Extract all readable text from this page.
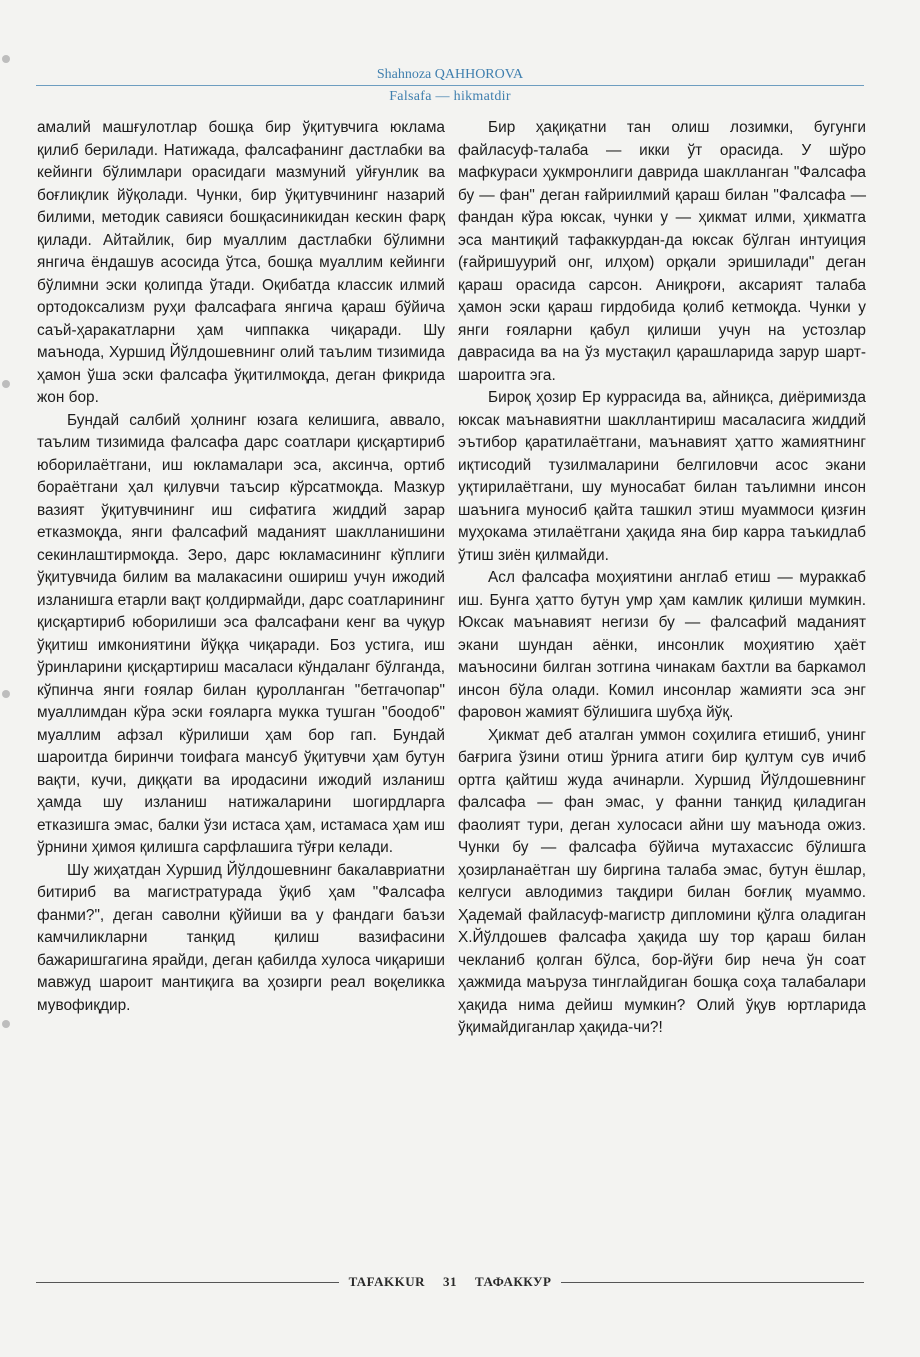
Shahnoza QAHHOROVA
Falsafa — hikmatdir

амалий машғулотлар бошқа бир ўқитувчига юклама қилиб берилади. Натижада, фалсафанинг дастлабки ва кейинги бўлимлари орасидаги мазмуний уйғунлик ва боғлиқлик йўқолади. Чунки, бир ўқитувчининг назарий билими, методик савияси бошқасиникидан кескин фарқ қилади. Айтайлик, бир муаллим дастлабки бўлимни янгича ёндашув асосида ўтса, бошқа муаллим кейинги бўлимни эски қолипда ўтади. Оқибатда классик илмий ортодоксализм руҳи фалсафага янгича қараш бўйича саъй-ҳаракатларни ҳам чиппакка чиқаради. Шу маънода, Хуршид Йўлдошевнинг олий таълим тизимида ҳамон ўша эски фалсафа ўқитилмоқда, деган фикрида жон бор.

Бундай салбий ҳолнинг юзага келишига, аввало, таълим тизимида фалсафа дарс соатлари қисқартириб юборилаётгани, иш юкламалари эса, аксинча, ортиб бораётгани ҳал қилувчи таъсир кўрсатмоқда. Мазкур вазият ўқитувчининг иш сифатига жиддий зарар етказмоқда, янги фалсафий маданият шаклланишини секинлаштирмоқда. Зеро, дарс юкламасининг кўплиги ўқитувчида билим ва малакасини ошириш учун ижодий изланишга етарли вақт қолдирмайди, дарс соатларининг қисқартириб юборилиши эса фалсафани кенг ва чуқур ўқитиш имкониятини йўққа чиқаради. Боз устига, иш ўринларини қисқартириш масаласи кўндаланг бўлганда, кўпинча янги ғоялар билан қуролланган "бетгачопар" муаллимдан кўра эски ғояларга мукка тушган "боодоб" муаллим афзал кўрилиши ҳам бор гап. Бундай шароитда биринчи тоифага мансуб ўқитувчи ҳам бутун вақти, кучи, диққати ва иродасини ижодий изланиш ҳамда шу изланиш натижаларини шогирдларга етказишга эмас, балки ўзи истаса ҳам, истамаса ҳам иш ўрнини ҳимоя қилишга сарфлашига тўғри келади.

Шу жиҳатдан Хуршид Йўлдошевнинг бакалавриатни битириб ва магистратурада ўқиб ҳам "Фалсафа фанми?", деган саволни қўйиши ва у фандаги баъзи камчиликларни танқид қилиш вазифасини бажаришгагина ярайди, деган қабилда хулоса чиқариши мавжуд шароит мантиқига ва ҳозирги реал воқеликка мувофиқдир.

Бир ҳақиқатни тан олиш лозимки, бугунги файласуф-талаба — икки ўт орасида. У шўро мафкураси ҳукмронлиги даврида шаклланган "Фалсафа бу — фан" деган ғайриилмий қараш билан "Фалсафа — фандан кўра юксак, чунки у — ҳикмат илми, ҳикматга эса мантиқий тафаккурдан-да юксак бўлган интуиция (ғайришуурий онг, илҳом) орқали эришилади" деган қараш орасида сарсон. Аниқроғи, аксарият талаба ҳамон эски қараш гирдобида қолиб кетмоқда. Чунки у янги ғояларни қабул қилиши учун на устозлар даврасида ва на ўз мустақил қарашларида зарур шарт-шароитга эга.

Бироқ ҳозир Ер куррасида ва, айниқса, диёримизда юксак маънавиятни шакллантириш масаласига жиддий эътибор қаратилаётгани, маънавият ҳатто жамиятнинг иқтисодий тузилмаларини белгиловчи асос экани уқтирилаётгани, шу муносабат билан таълимни инсон шаънига муносиб қайта ташкил этиш муаммоси қизғин муҳокама этилаётгани ҳақида яна бир карра таъкидлаб ўтиш зиён қилмайди.

Асл фалсафа моҳиятини англаб етиш — мураккаб иш. Бунга ҳатто бутун умр ҳам камлик қилиши мумкин. Юксак маънавият негизи бу — фалсафий маданият экани шундан аёнки, инсонлик моҳиятию ҳаёт маъносини билган зотгина чинакам бахтли ва баркамол инсон бўла олади. Комил инсонлар жамияти эса энг фаровон жамият бўлишига шубҳа йўқ.

Ҳикмат деб аталган уммон соҳилига етишиб, унинг бағрига ўзини отиш ўрнига атиги бир қултум сув ичиб ортга қайтиш жуда ачинарли. Хуршид Йўлдошевнинг фалсафа — фан эмас, у фанни танқид қиладиган фаолият тури, деган хулосаси айни шу маънода ожиз. Чунки бу — фалсафа бўйича мутахассис бўлишга ҳозирланаётган шу биргина талаба эмас, бутун ёшлар, келгуси авлодимиз тақдири билан боғлиқ муаммо. Ҳадемай файласуф-магистр дипломини қўлга оладиган Х.Йўлдошев фалсафа ҳақида шу тор қараш билан чекланиб қолган бўлса, бор-йўғи бир неча ўн соат ҳажмида маъруза тинглайдиган бошқа соҳа талабалари ҳақида нима дейиш мумкин? Олий ўқув юртларида ўқимайдиганлар ҳақида-чи?!

TAFAKKUR	31	ТАФАККУР
